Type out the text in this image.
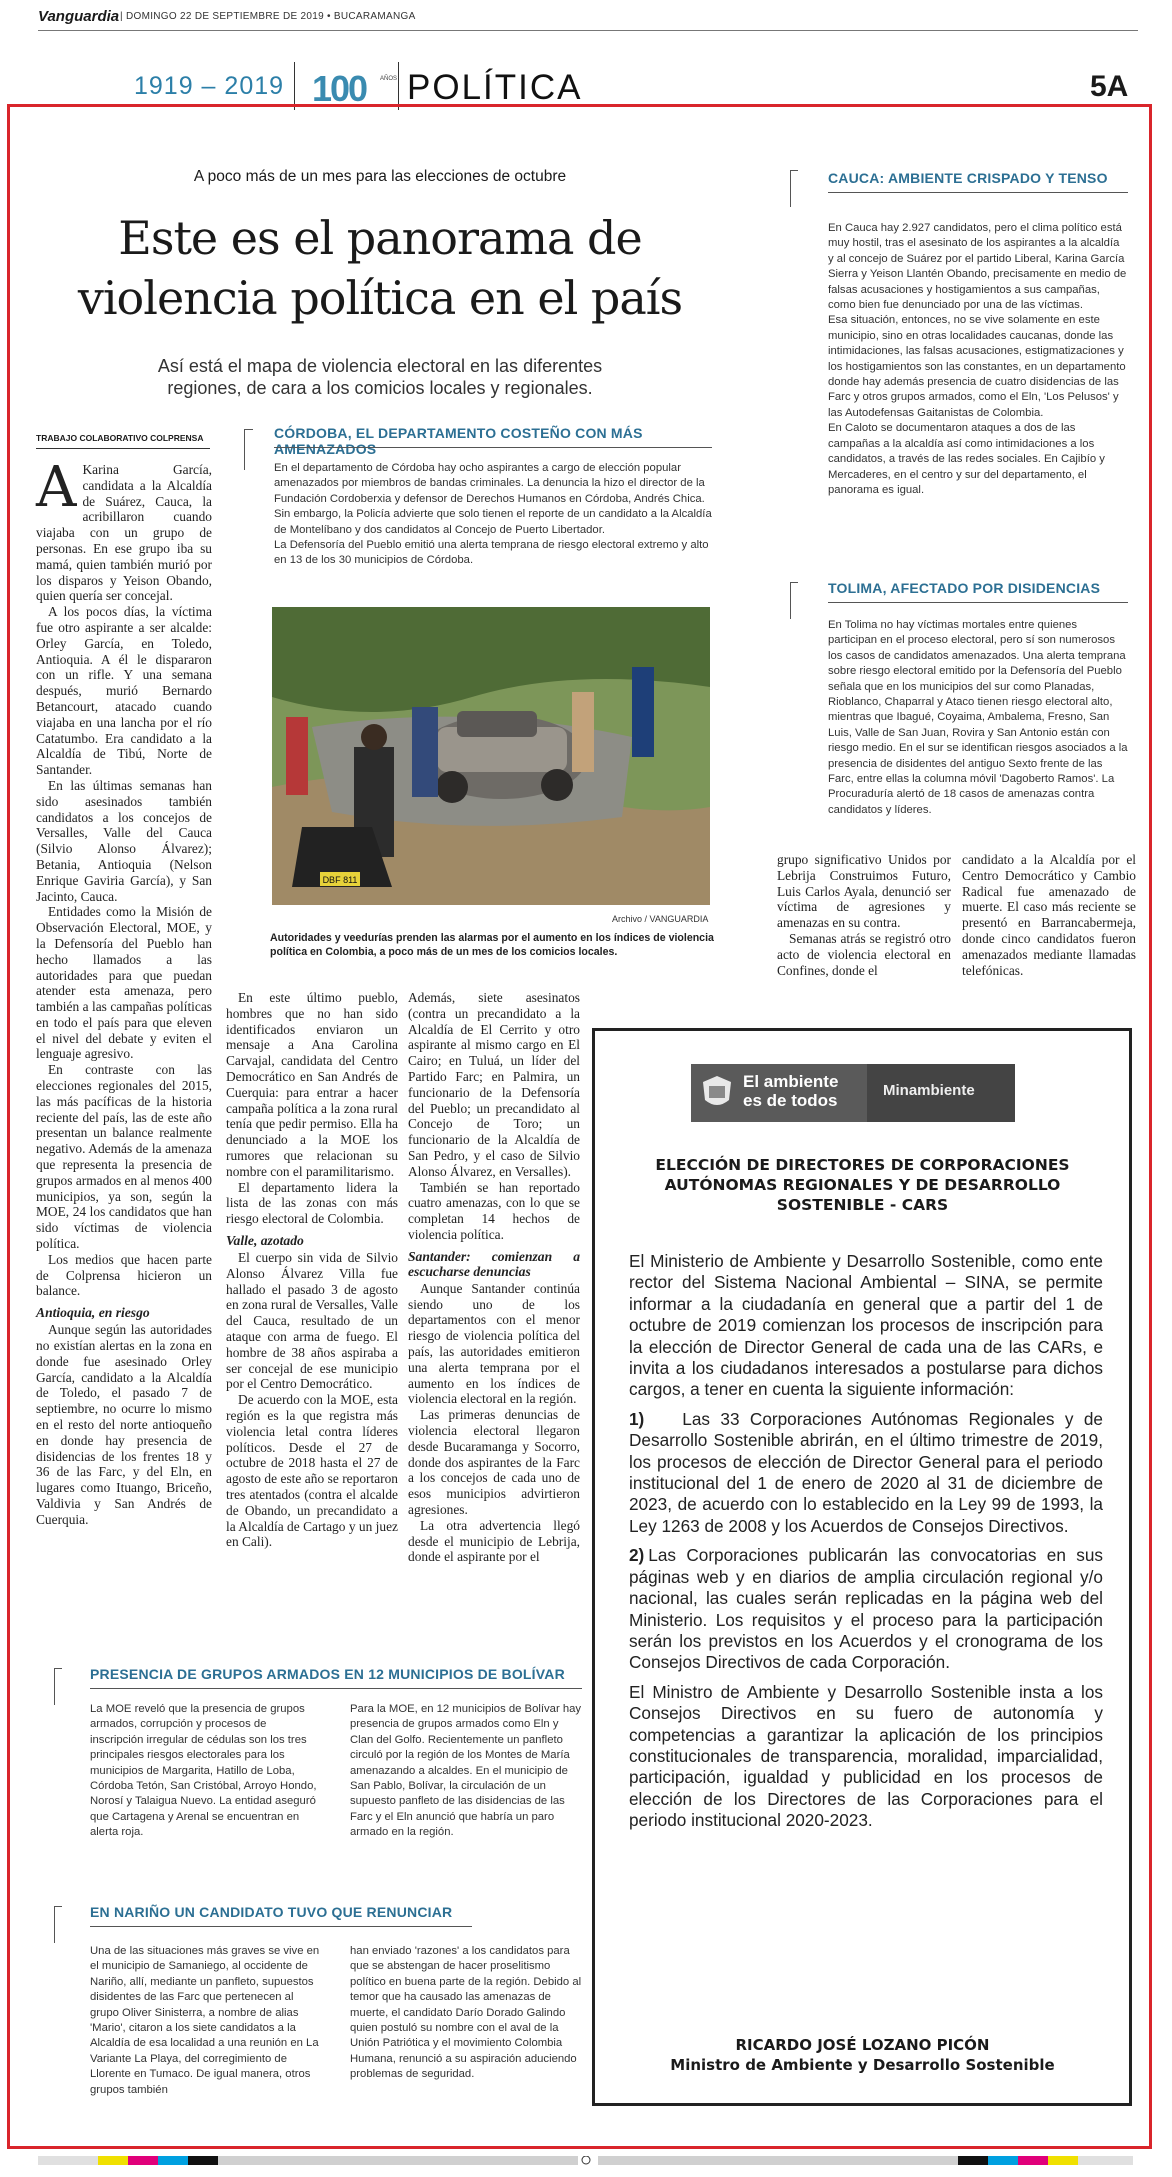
Vanguardia | DOMINGO 22 DE SEPTIEMBRE DE 2019 • BUCARAMANGA
1919 – 2019 100 AÑOS POLÍTICA	5A
A poco más de un mes para las elecciones de octubre
Este es el panorama de violencia política en el país
Así está el mapa de violencia electoral en las diferentes regiones, de cara a los comicios locales y regionales.
TRABAJO COLABORATIVO COLPRENSA

A Karina García, candidata a la Alcaldía de Suárez, Cauca, la acribillaron cuando viajaba con un grupo de personas. En ese grupo iba su mamá, quien también murió por los disparos y Yeison Obando, quien quería ser concejal.

A los pocos días, la víctima fue otro aspirante a ser alcalde: Orley García, en Toledo, Antioquia. A él le dispararon con un rifle. Y una semana después, murió Bernardo Betancourt, atacado cuando viajaba en una lancha por el río Catatumbo. Era candidato a la Alcaldía de Tibú, Norte de Santander.

En las últimas semanas han sido asesinados también candidatos a los concejos de Versalles, Valle del Cauca (Silvio Alonso Álvarez); Betania, Antioquia (Nelson Enrique Gaviria García), y San Jacinto, Cauca.

Entidades como la Misión de Observación Electoral, MOE, y la Defensoría del Pueblo han hecho llamados a las autoridades para que puedan atender esta amenaza, pero también a las campañas políticas en todo el país para que eleven el nivel del debate y eviten el lenguaje agresivo.

En contraste con las elecciones regionales del 2015, las más pacíficas de la historia reciente del país, las de este año presentan un balance realmente negativo. Además de la amenaza que representa la presencia de grupos armados en al menos 400 municipios, ya son, según la MOE, 24 los candidatos que han sido víctimas de violencia política.

Los medios que hacen parte de Colprensa hicieron un balance.

Antioquia, en riesgo

Aunque según las autoridades no existían alertas en la zona en donde fue asesinado Orley García, candidato a la Alcaldía de Toledo, el pasado 7 de septiembre, no ocurre lo mismo en el resto del norte antioqueño en donde hay presencia de disidencias de los frentes 18 y 36 de las Farc, y del Eln, en lugares como Ituango, Briceño, Valdivia y San Andrés de Cuerquia.

CÓRDOBA, EL DEPARTAMENTO COSTEÑO CON MÁS AMENAZADOS

En el departamento de Córdoba hay ocho aspirantes a cargo de elección popular amenazados por miembros de bandas criminales. La denuncia la hizo el director de la Fundación Cordoberxia y defensor de Derechos Humanos en Córdoba, Andrés Chica. Sin embargo, la Policía advierte que solo tienen el reporte de un candidato a la Alcaldía de Montelíbano y dos candidatos al Concejo de Puerto Libertador.

La Defensoría del Pueblo emitió una alerta temprana de riesgo electoral extremo y alto en 13 de los 30 municipios de Córdoba.

DBF 811
Archivo / VANGUARDIA
Autoridades y veedurías prenden las alarmas por el aumento en los índices de violencia política en Colombia, a poco más de un mes de los comicios locales.

En este último pueblo, hombres que no han sido identificados enviaron un mensaje a Ana Carolina Carvajal, candidata del Centro Democrático en San Andrés de Cuerquia: para entrar a hacer campaña política a la zona rural tenía que pedir permiso. Ella ha denunciado a la MOE los rumores que relacionan su nombre con el paramilitarismo.

El departamento lidera la lista de las zonas con más riesgo electoral de Colombia.

Valle, azotado

El cuerpo sin vida de Silvio Alonso Álvarez Villa fue hallado el pasado 3 de agosto en zona rural de Versalles, Valle del Cauca, resultado de un ataque con arma de fuego. El hombre de 38 años aspiraba a ser concejal de ese municipio por el Centro Democrático.

De acuerdo con la MOE, esta región es la que registra más violencia letal contra líderes políticos. Desde el 27 de octubre de 2018 hasta el 27 de agosto de este año se reportaron tres atentados (contra el alcalde de Obando, un precandidato a la Alcaldía de Cartago y un juez en Cali).

Además, siete asesinatos (contra un precandidato a la Alcaldía de El Cerrito y otro aspirante al mismo cargo en El Cairo; en Tuluá, un líder del Partido Farc; en Palmira, un funcionario de la Defensoría del Pueblo; un precandidato al Concejo de Toro; un funcionario de la Alcaldía de San Pedro, y el caso de Silvio Alonso Álvarez, en Versalles).

También se han reportado cuatro amenazas, con lo que se completan 14 hechos de violencia política.

Santander: comienzan a escucharse denuncias

Aunque Santander continúa siendo uno de los departamentos con el menor riesgo de violencia política del país, las autoridades emitieron una alerta temprana por el aumento en los índices de violencia electoral en la región.

Las primeras denuncias de violencia electoral llegaron desde Bucaramanga y Socorro, donde dos aspirantes de la Farc a los concejos de cada uno de esos municipios advirtieron agresiones.

La otra advertencia llegó desde el municipio de Lebrija, donde el aspirante por el

CAUCA: AMBIENTE CRISPADO Y TENSO

En Cauca hay 2.927 candidatos, pero el clima político está muy hostil, tras el asesinato de los aspirantes a la alcaldía y al concejo de Suárez por el partido Liberal, Karina García Sierra y Yeison Llantén Obando, precisamente en medio de falsas acusaciones y hostigamientos a sus campañas, como bien fue denunciado por una de las víctimas.

Esa situación, entonces, no se vive solamente en este municipio, sino en otras localidades caucanas, donde las intimidaciones, las falsas acusaciones, estigmatizaciones y los hostigamientos son las constantes, en un departamento donde hay además presencia de cuatro disidencias de las Farc y otros grupos armados, como el Eln, 'Los Pelusos' y las Autodefensas Gaitanistas de Colombia.

En Caloto se documentaron ataques a dos de las campañas a la alcaldía así como intimidaciones a los candidatos, a través de las redes sociales. En Cajibío y Mercaderes, en el centro y sur del departamento, el panorama es igual.

TOLIMA, AFECTADO POR DISIDENCIAS

En Tolima no hay víctimas mortales entre quienes participan en el proceso electoral, pero sí son numerosos los casos de candidatos amenazados. Una alerta temprana sobre riesgo electoral emitido por la Defensoría del Pueblo señala que en los municipios del sur como Planadas, Rioblanco, Chaparral y Ataco tienen riesgo electoral alto, mientras que Ibagué, Coyaima, Ambalema, Fresno, San Luis, Valle de San Juan, Rovira y San Antonio están con riesgo medio. En el sur se identifican riesgos asociados a la presencia de disidentes del antiguo Sexto frente de las Farc, entre ellas la columna móvil 'Dagoberto Ramos'. La Procuraduría alertó de 18 casos de amenazas contra candidatos y líderes.

grupo significativo Unidos por Lebrija Construimos Futuro, Luis Carlos Ayala, denunció ser víctima de agresiones y amenazas en su contra.

Semanas atrás se registró otro acto de violencia electoral en Confines, donde el

candidato a la Alcaldía por el Centro Democrático y Cambio Radical fue amenazado de muerte. El caso más reciente se presentó en Barrancabermeja, donde cinco candidatos fueron amenazados mediante llamadas telefónicas.

PRESENCIA DE GRUPOS ARMADOS EN 12 MUNICIPIOS DE BOLÍVAR
La MOE reveló que la presencia de grupos armados, corrupción y procesos de inscripción irregular de cédulas son los tres principales riesgos electorales para los municipios de Margarita, Hatillo de Loba, Córdoba Tetón, San Cristóbal, Arroyo Hondo, Norosí y Talaigua Nuevo. La entidad aseguró que Cartagena y Arenal se encuentran en alerta roja.
Para la MOE, en 12 municipios de Bolívar hay presencia de grupos armados como Eln y Clan del Golfo. Recientemente un panfleto circuló por la región de los Montes de María amenazando a alcaldes. En el municipio de San Pablo, Bolívar, la circulación de un supuesto panfleto de las disidencias de las Farc y el Eln anunció que habría un paro armado en la región.
EN NARIÑO UN CANDIDATO TUVO QUE RENUNCIAR
Una de las situaciones más graves se vive en el municipio de Samaniego, al occidente de Nariño, allí, mediante un panfleto, supuestos disidentes de las Farc que pertenecen al grupo Oliver Sinisterra, a nombre de alias 'Mario', citaron a los siete candidatos a la Alcaldía de esa localidad a una reunión en La Variante La Playa, del corregimiento de Llorente en Tumaco. De igual manera, otros grupos también
han enviado 'razones' a los candidatos para que se abstengan de hacer proselitismo político en buena parte de la región. Debido al temor que ha causado las amenazas de muerte, el candidato Darío Dorado Galindo quien postuló su nombre con el aval de la Unión Patriótica y el movimiento Colombia Humana, renunció a su aspiración aduciendo problemas de seguridad.
El ambiente
es de todos
Minambiente
ELECCIÓN DE DIRECTORES DE CORPORACIONES AUTÓNOMAS REGIONALES Y DE DESARROLLO SOSTENIBLE - CARS

El Ministerio de Ambiente y Desarrollo Sostenible, como ente rector del Sistema Nacional Ambiental – SINA, se permite informar a la ciudadanía en general que a partir del 1 de octubre de 2019 comienzan los procesos de inscripción para la elección de Director General de cada una de las CARs, e invita a los ciudadanos interesados a postularse para dichos cargos, a tener en cuenta la siguiente información:

1) Las 33 Corporaciones Autónomas Regionales y de Desarrollo Sostenible abrirán, en el último trimestre de 2019, los procesos de elección de Director General para el periodo institucional del 1 de enero de 2020 al 31 de diciembre de 2023, de acuerdo con lo establecido en la Ley 99 de 1993, la Ley 1263 de 2008 y los Acuerdos de Consejos Directivos.

2) Las Corporaciones publicarán las convocatorias en sus páginas web y en diarios de amplia circulación regional y/o nacional, las cuales serán replicadas en la página web del Ministerio. Los requisitos y el proceso para la participación serán los previstos en los Acuerdos y el cronograma de los Consejos Directivos de cada Corporación.

El Ministro de Ambiente y Desarrollo Sostenible insta a los Consejos Directivos en su fuero de autonomía y competencias a garantizar la aplicación de los principios constitucionales de transparencia, moralidad, imparcialidad, participación, igualdad y publicidad en los procesos de elección de los Directores de las Corporaciones para el periodo institucional 2020-2023.

RICARDO JOSÉ LOZANO PICÓN
Ministro de Ambiente y Desarrollo Sostenible
